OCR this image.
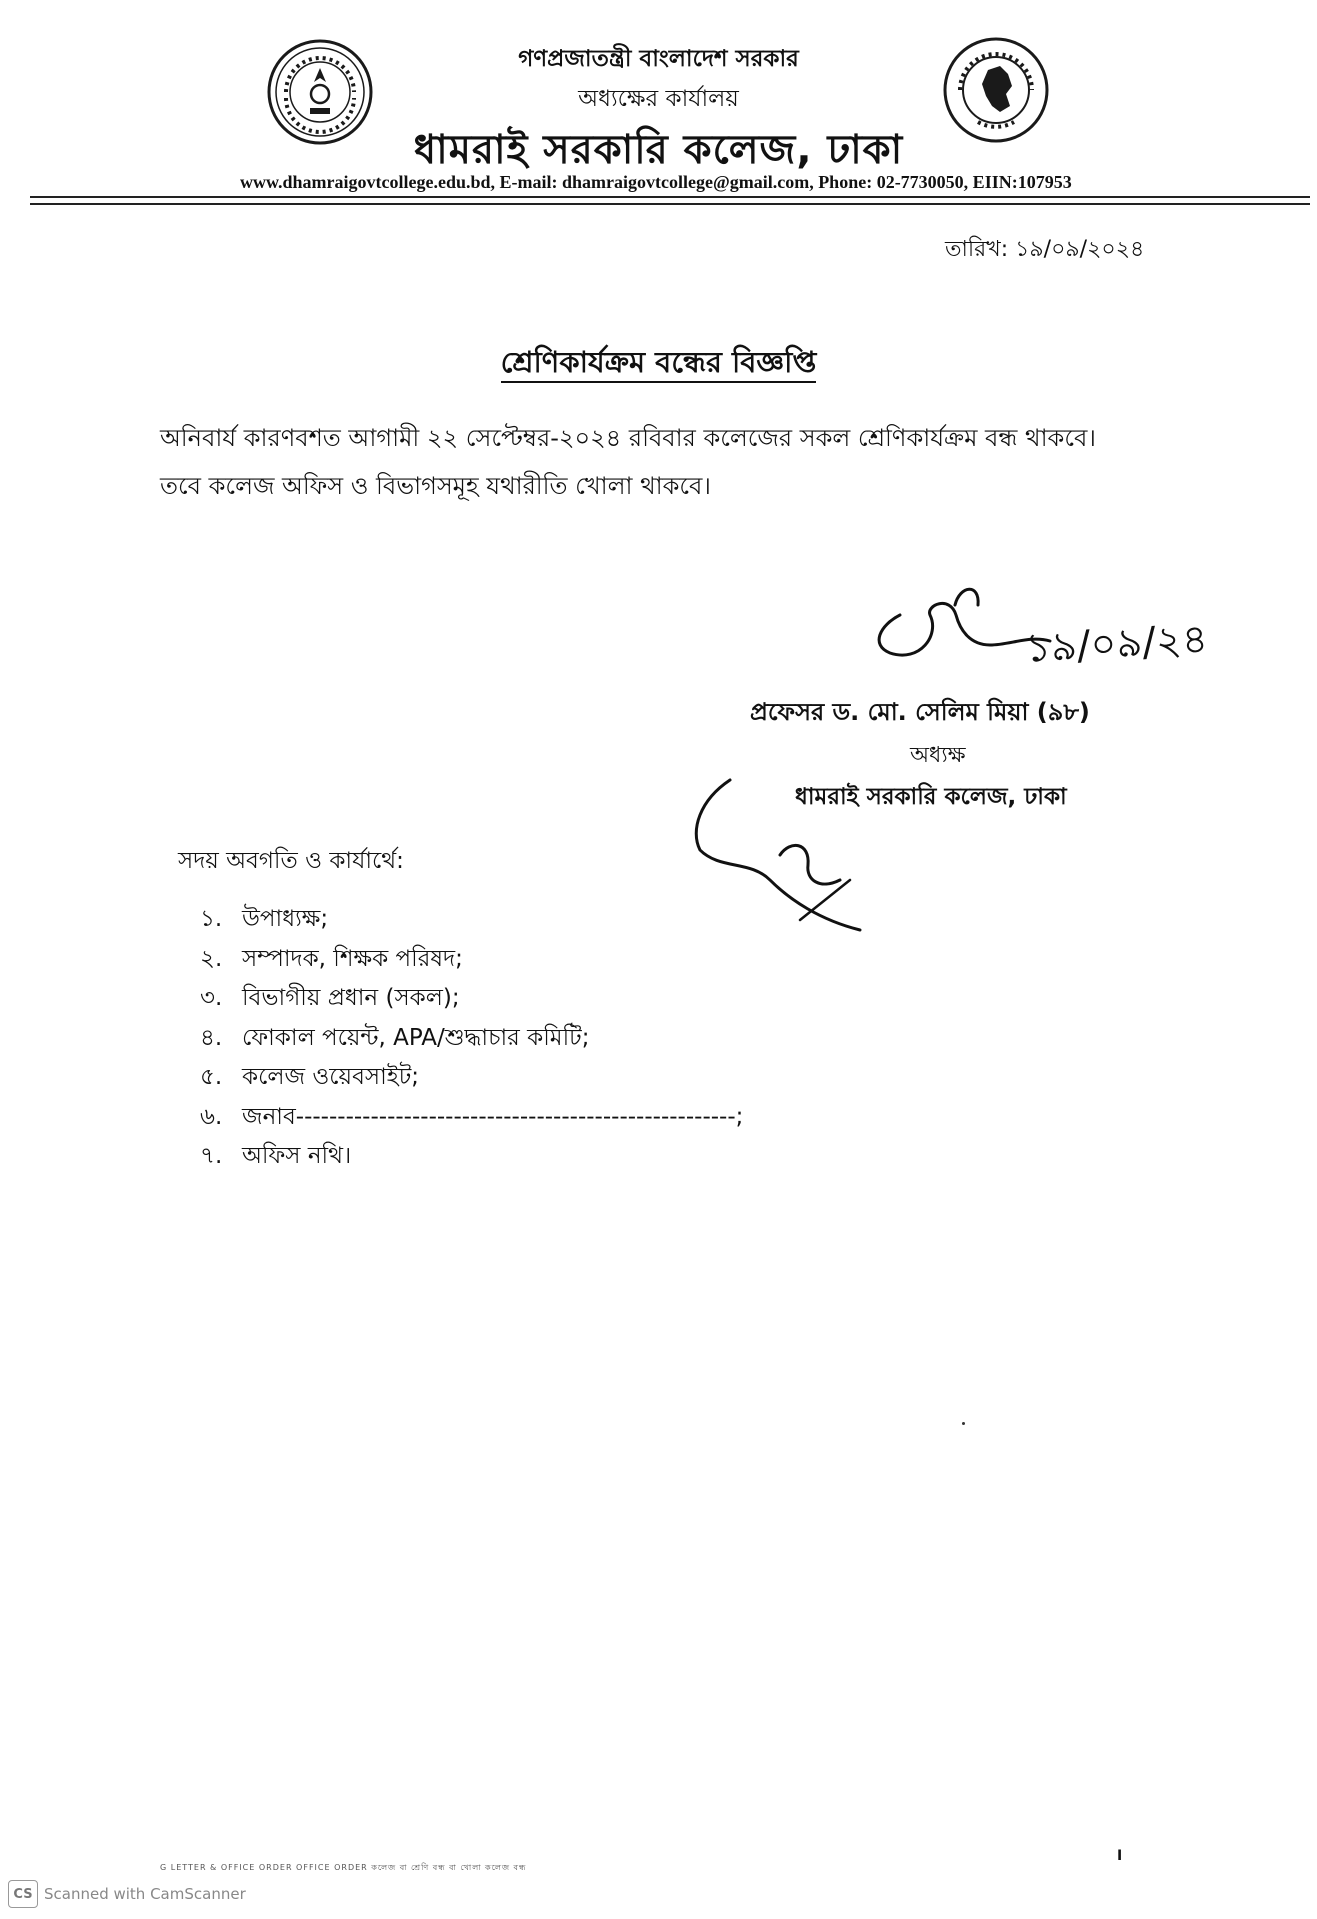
গণপ্রজাতন্ত্রী বাংলাদেশ সরকার
অধ্যক্ষের কার্যালয়
ধামরাই সরকারি কলেজ, ঢাকা
www.dhamraigovtcollege.edu.bd, E-mail: dhamraigovtcollege@gmail.com, Phone: 02-7730050, EIIN:107953
তারিখ: ১৯/০৯/২০২৪
শ্রেণিকার্যক্রম বন্ধের বিজ্ঞপ্তি
অনিবার্য কারণবশত আগামী ২২ সেপ্টেম্বর-২০২৪ রবিবার কলেজের সকল শ্রেণিকার্যক্রম বন্ধ থাকবে।
তবে কলেজ অফিস ও বিভাগসমূহ যথারীতি খোলা থাকবে।
১৯/০৯/২৪
প্রফেসর ড. মো. সেলিম মিয়া (৯৮)
অধ্যক্ষ
ধামরাই সরকারি কলেজ, ঢাকা
সদয় অবগতি ও কার্যার্থে:
১. উপাধ্যক্ষ;
২. সম্পাদক, শিক্ষক পরিষদ;
৩. বিভাগীয় প্রধান (সকল);
৪. ফোকাল পয়েন্ট, APA/শুদ্ধাচার কমিটি;
৫. কলেজ ওয়েবসাইট;
৬. জনাব-----------------------------------------------------;
৭. অফিস নথি।
G LETTER & OFFICE ORDER OFFICE ORDER কলেজ বা শ্রেণি বন্ধ বা খোলা কলেজ বন্ধ
I
CS Scanned with CamScanner
